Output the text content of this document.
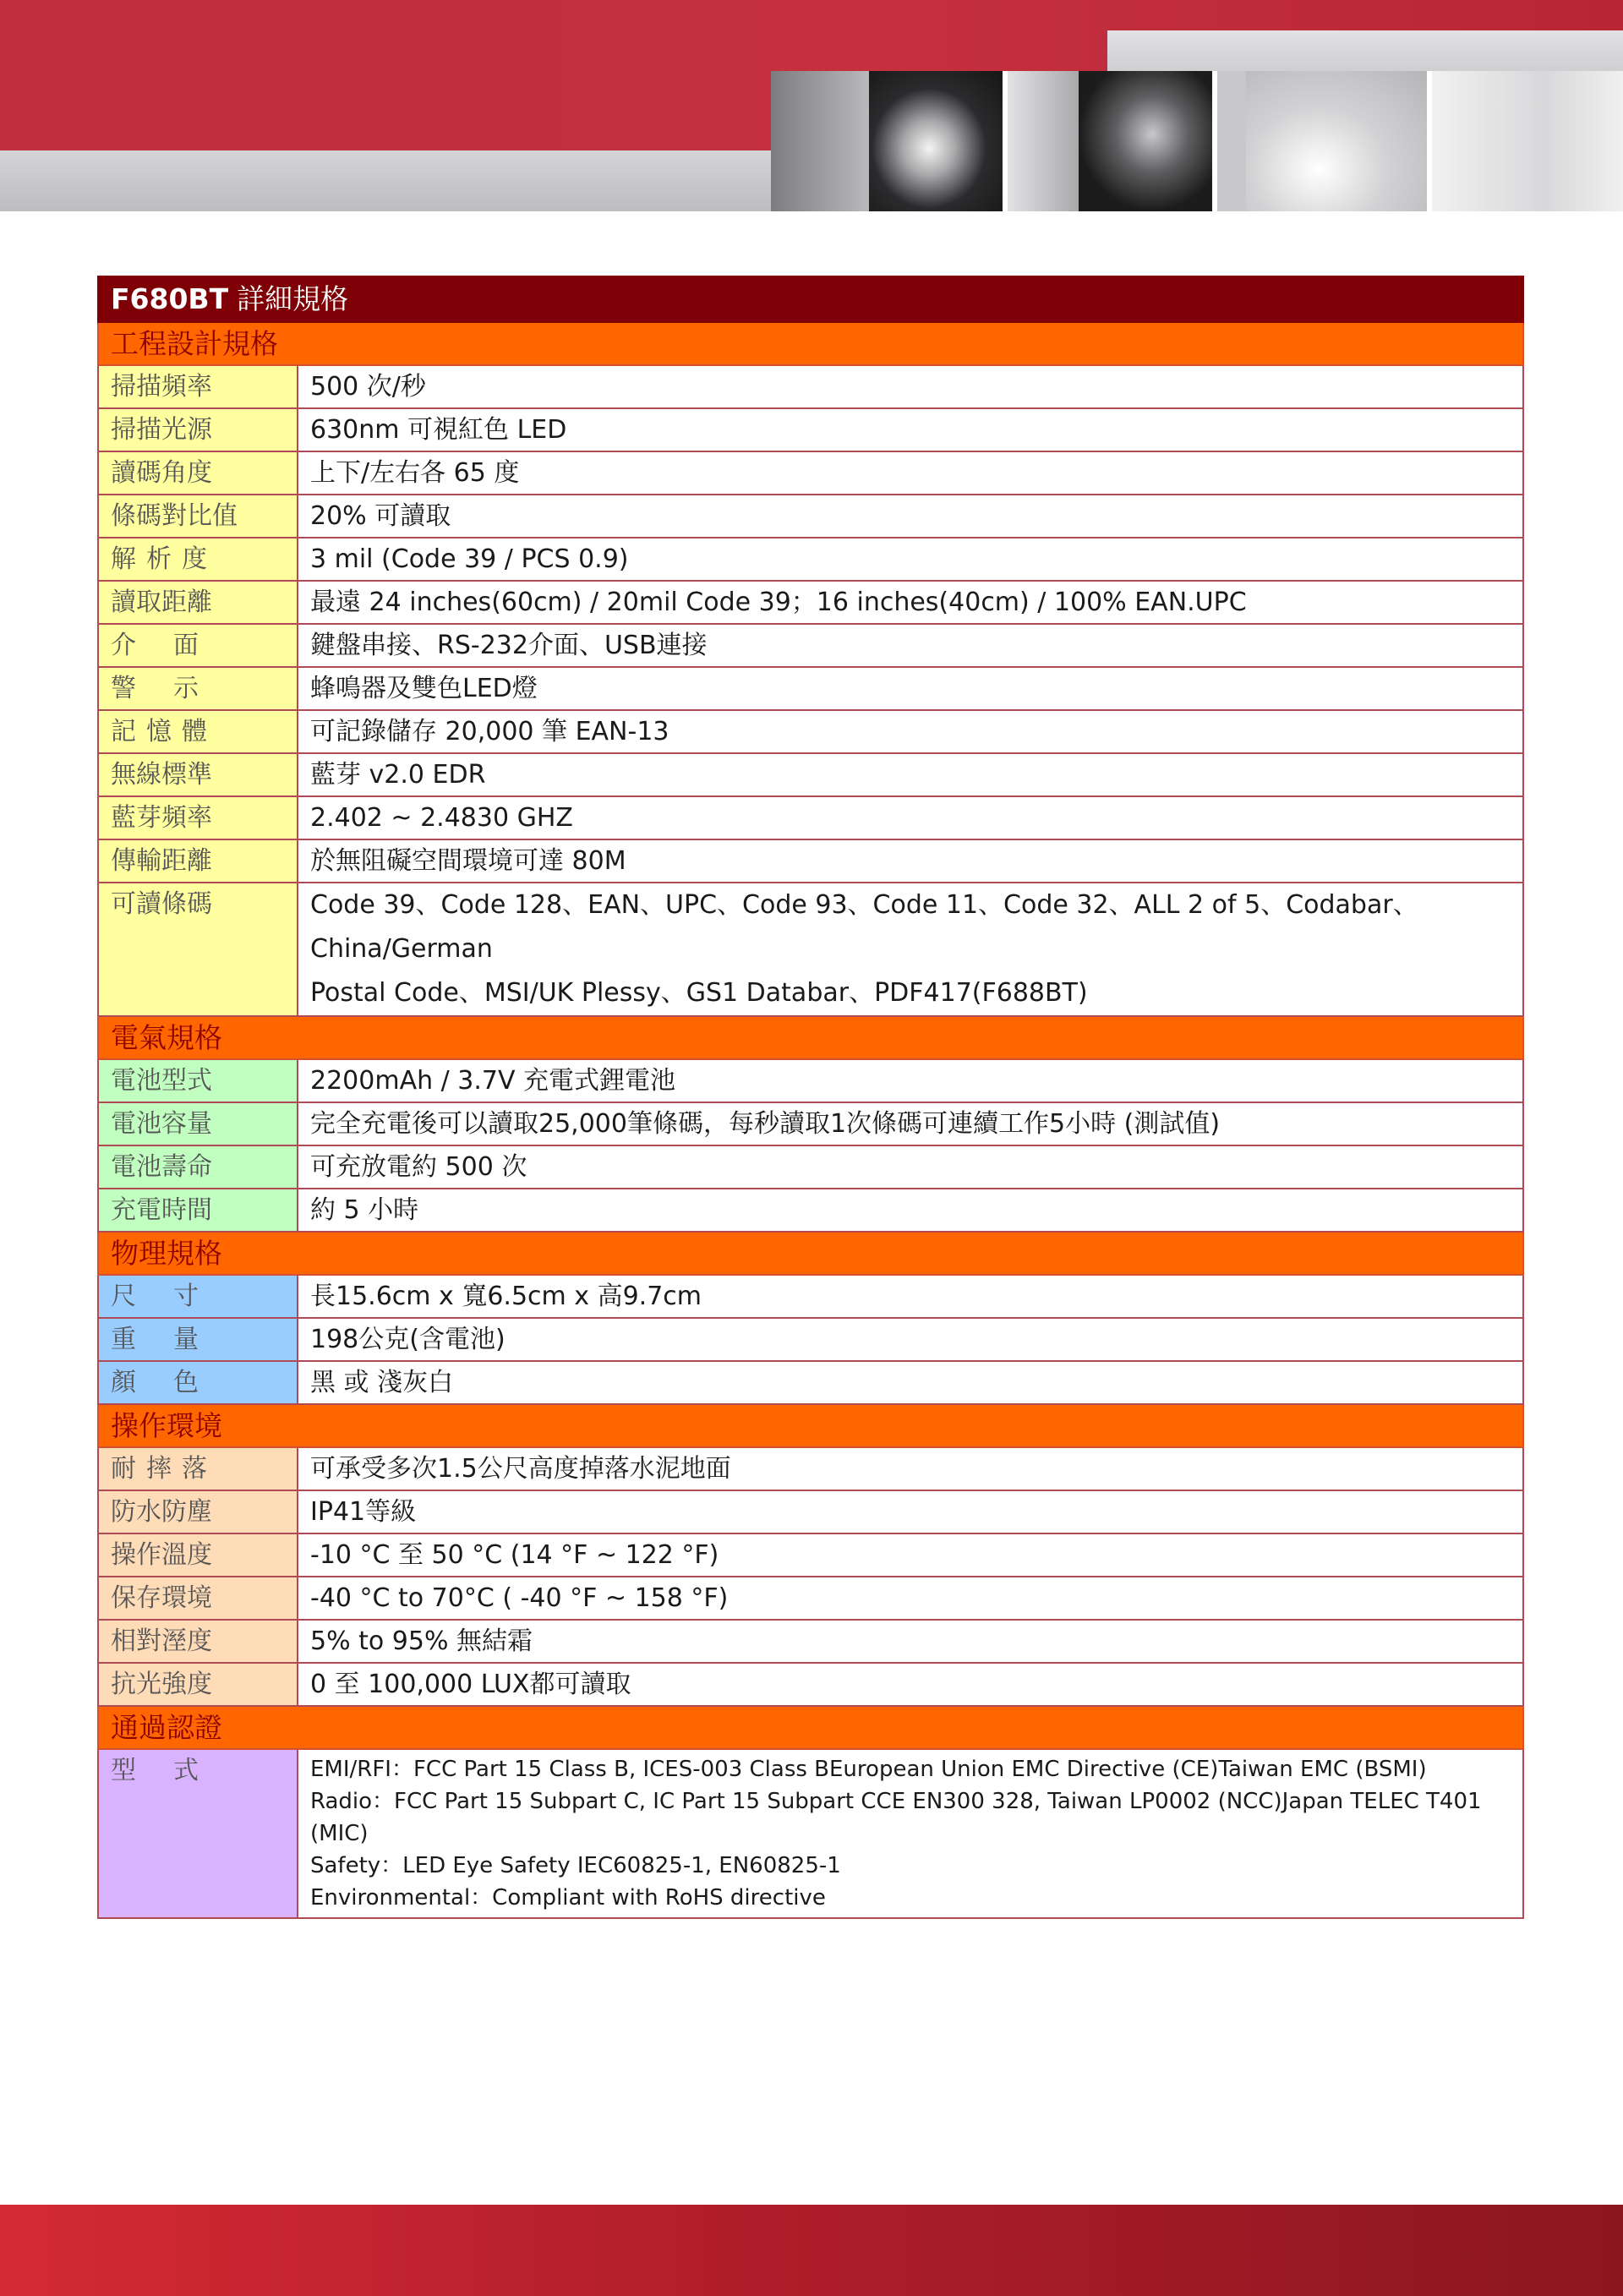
F680BT 詳細規格	
工程設計規格	
掃描頻率	500 次/秒
掃描光源	630nm 可視紅色 LED
讀碼角度	上下/左右各 65 度
條碼對比值	20% 可讀取
解析度	3 mil (Code 39 / PCS 0.9)
讀取距離	最遠 24 inches(60cm) / 20mil Code 39；16 inches(40cm) / 100% EAN.UPC
介面	鍵盤串接、RS-232介面、USB連接
警示	蜂鳴器及雙色LED燈
記憶體	可記錄儲存 20,000 筆 EAN-13
無線標準	藍芽 v2.0 EDR
藍芽頻率	2.402 ~ 2.4830 GHZ
傳輸距離	於無阻礙空間環境可達 80M
可讀條碼	Code 39、Code 128、EAN、UPC、Code 93、Code 11、Code 32、ALL 2 of 5、Codabar、China/German
Postal Code、MSI/UK Plessy、GS1 Databar、PDF417(F688BT)

電氣規格	
電池型式	2200mAh / 3.7V 充電式鋰電池
電池容量	完全充電後可以讀取25,000筆條碼，每秒讀取1次條碼可連續工作5小時 (測試值)
電池壽命	可充放電約 500 次
充電時間	約 5 小時
物理規格	
尺寸	長15.6cm x 寬6.5cm x 高9.7cm
重量	198公克(含電池)
顏色	黑 或 淺灰白
操作環境	
耐摔落	可承受多次1.5公尺高度掉落水泥地面
防水防塵	IP41等級
操作溫度	-10 °C 至 50 °C (14 °F ~ 122 °F)
保存環境	-40 °C to 70°C ( -40 °F ~ 158 °F)
相對溼度	5% to 95% 無結霜
抗光強度	0 至 100,000 LUX都可讀取
通過認證	
型式	EMI/RFI：FCC Part 15 Class B, ICES-003 Class BEuropean Union EMC Directive (CE)Taiwan EMC (BSMI)
Radio：FCC Part 15 Subpart C, IC Part 15 Subpart CCE EN300 328, Taiwan LP0002 (NCC)Japan TELEC T401 (MIC)
Safety：LED Eye Safety IEC60825-1, EN60825-1
Environmental：Compliant with RoHS directive
